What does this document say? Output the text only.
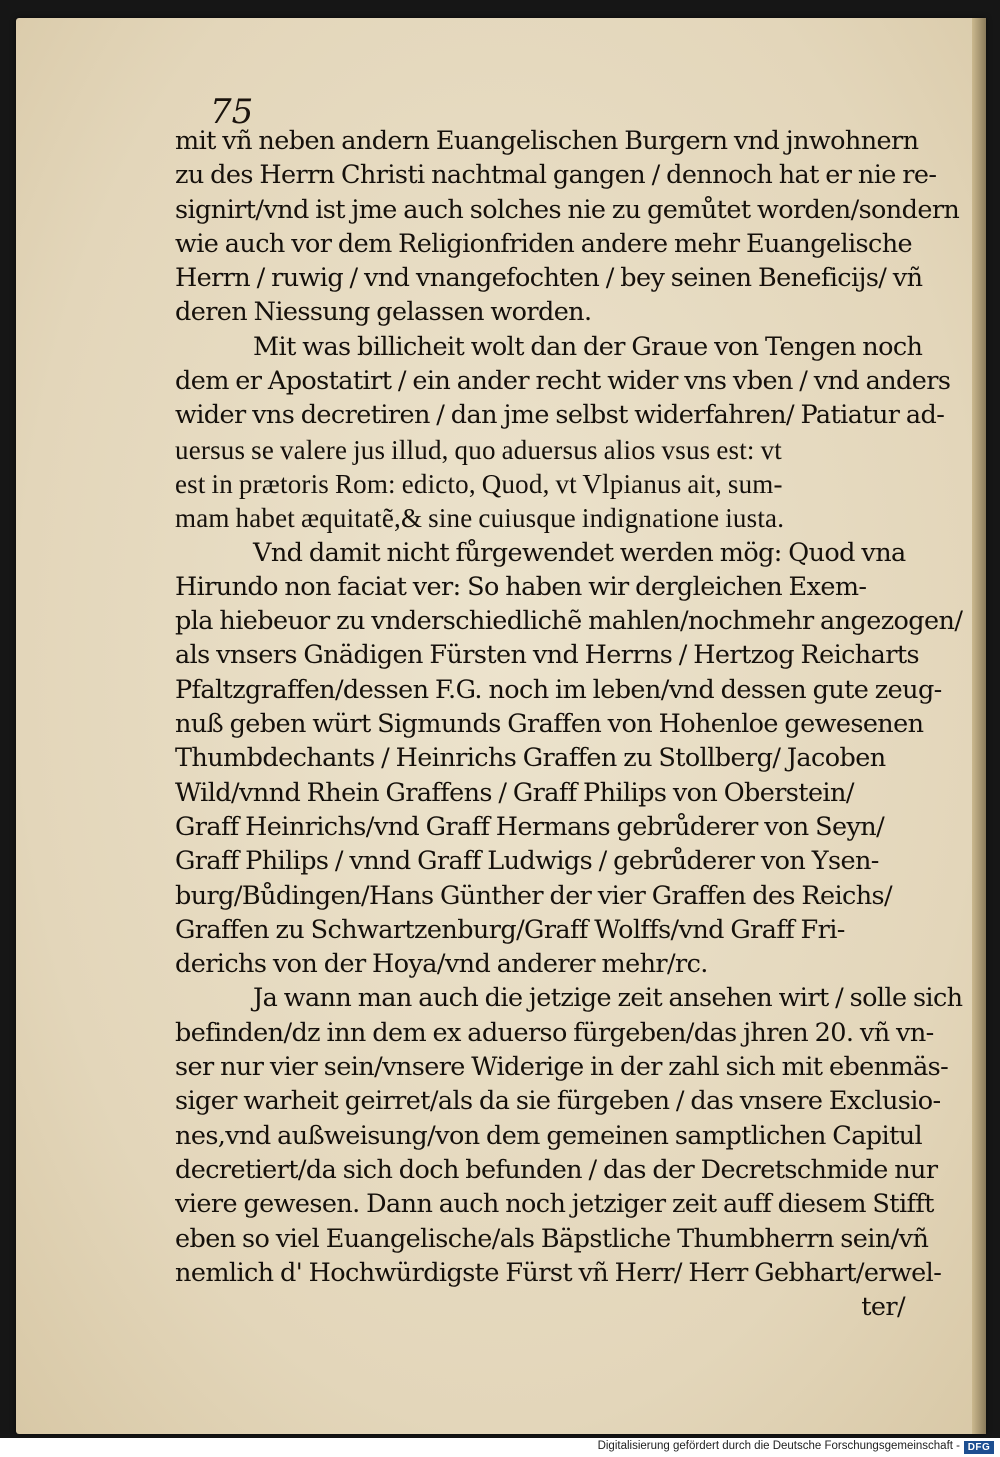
75
mit vñ neben andern Euangelischen Burgern vnd jnwohnern
zu des Herrn Christi nachtmal gangen / dennoch hat er nie re-
signirt/vnd ist jme auch solches nie zu gemůtet worden/sondern
wie auch vor dem Religionfriden andere mehr Euangelische
Herrn / ruwig / vnd vnangefochten / bey seinen Beneficijs/ vñ
deren Niessung gelassen worden.
Mit was billicheit wolt dan der Graue von Tengen noch
dem er Apostatirt / ein ander recht wider vns vben / vnd anders
wider vns decretiren / dan jme selbst widerfahren/ Patiatur ad-
uersus se valere jus illud, quo aduersus alios vsus est: vt
est in prætoris Rom: edicto, Quod, vt Vlpianus ait, sum-
mam habet æquitatẽ,& sine cuiusque indignatione iusta.
Vnd damit nicht fůrgewendet werden mög: Quod vna
Hirundo non faciat ver: So haben wir dergleichen Exem-
pla hiebeuor zu vnderschiedlichẽ mahlen/nochmehr angezogen/
als vnsers Gnädigen Fürsten vnd Herrns / Hertzog Reicharts
Pfaltzgraffen/dessen F.G. noch im leben/vnd dessen gute zeug-
nuß geben würt Sigmunds Graffen von Hohenloe gewesenen
Thumbdechants / Heinrichs Graffen zu Stollberg/ Jacoben
Wild/vnnd Rhein Graffens / Graff Philips von Oberstein/
Graff Heinrichs/vnd Graff Hermans gebrůderer von Seyn/
Graff Philips / vnnd Graff Ludwigs / gebrůderer von Ysen-
burg/Bůdingen/Hans Günther der vier Graffen des Reichs/
Graffen zu Schwartzenburg/Graff Wolffs/vnd Graff Fri-
derichs von der Hoya/vnd anderer mehr/rc.
Ja wann man auch die jetzige zeit ansehen wirt / solle sich
befinden/dz inn dem ex aduerso fürgeben/das jhren 20. vñ vn-
ser nur vier sein/vnsere Widerige in der zahl sich mit ebenmäs-
siger warheit geirret/als da sie fürgeben / das vnsere Exclusio-
nes,vnd außweisung/von dem gemeinen samptlichen Capitul
decretiert/da sich doch befunden / das der Decretschmide nur
viere gewesen. Dann auch noch jetziger zeit auff diesem Stifft
eben so viel Euangelische/als Bäpstliche Thumbherrn sein/vñ
nemlich d' Hochwürdigste Fürst vñ Herr/ Herr Gebhart/erwel-
ter/
Digitalisierung gefördert durch die Deutsche Forschungsgemeinschaft - DFG
